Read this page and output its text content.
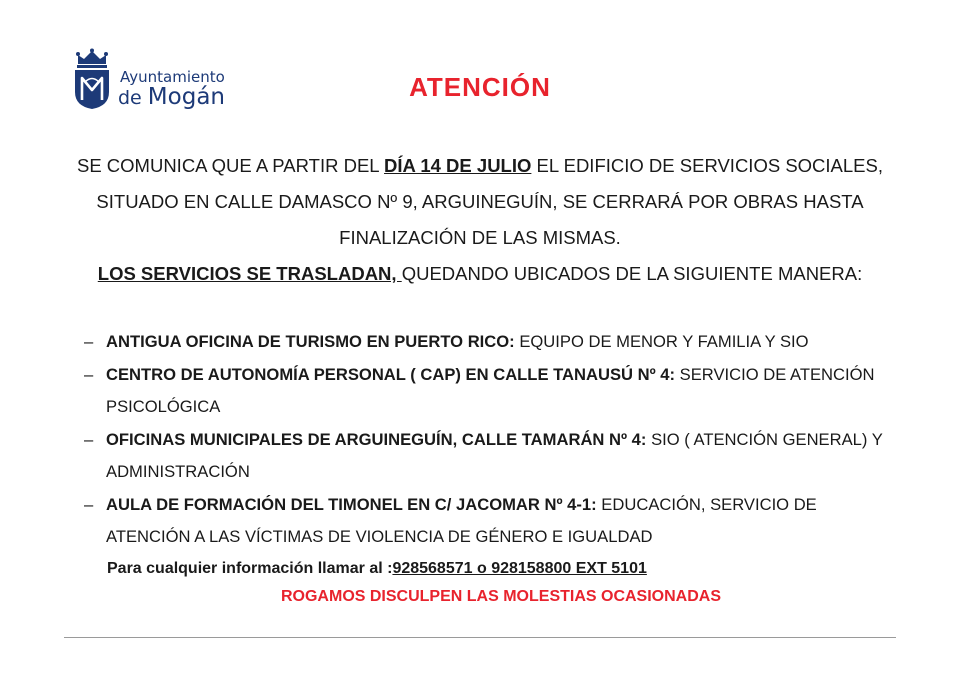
Ayuntamiento
de Mogán	ATENCIÓN
SE COMUNICA QUE A PARTIR DEL DÍA 14 DE JULIO EL EDIFICIO DE SERVICIOS SOCIALES, SITUADO EN CALLE DAMASCO Nº 9, ARGUINEGUÍN, SE CERRARÁ POR OBRAS HASTA FINALIZACIÓN DE LAS MISMAS.
LOS SERVICIOS SE TRASLADAN, QUEDANDO UBICADOS DE LA SIGUIENTE MANERA:
– ANTIGUA OFICINA DE TURISMO EN PUERTO RICO: EQUIPO DE MENOR Y FAMILIA Y SIO
– CENTRO DE AUTONOMÍA PERSONAL ( CAP) EN CALLE TANAUSÚ Nº 4: SERVICIO DE ATENCIÓN PSICOLÓGICA
– OFICINAS MUNICIPALES DE ARGUINEGUÍN, CALLE TAMARÁN Nº 4: SIO ( ATENCIÓN GENERAL) Y ADMINISTRACIÓN
– AULA DE FORMACIÓN DEL TIMONEL EN C/ JACOMAR Nº 4-1: EDUCACIÓN, SERVICIO DE ATENCIÓN A LAS VÍCTIMAS DE VIOLENCIA DE GÉNERO E IGUALDAD
Para cualquier información llamar al :928568571 o 928158800 EXT 5101
ROGAMOS DISCULPEN LAS MOLESTIAS OCASIONADAS
